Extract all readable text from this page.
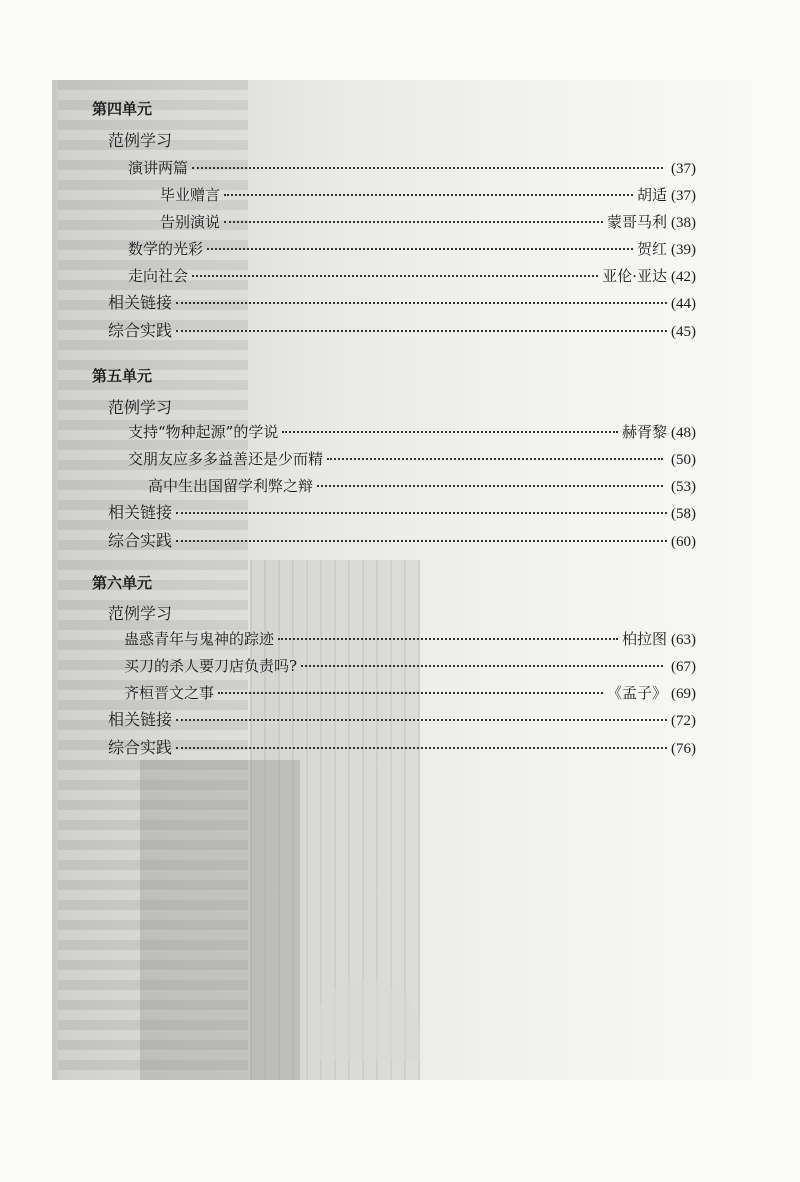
第四单元
范例学习
演讲两篇	(37)
毕业赠言	胡适 (37)
告别演说	蒙哥马利 (38)
数学的光彩	贺红 (39)
走向社会	亚伦·亚达 (42)
相关链接	(44)
综合实践	(45)
第五单元
范例学习
支持“物种起源”的学说	赫胥黎 (48)
交朋友应多多益善还是少而精	(50)
高中生出国留学利弊之辩	(53)
相关链接	(58)
综合实践	(60)
第六单元
范例学习
蛊惑青年与鬼神的踪迹	柏拉图 (63)
买刀的杀人要刀店负责吗?	(67)
齐桓晋文之事	《孟子》 (69)
相关链接	(72)
综合实践	(76)
